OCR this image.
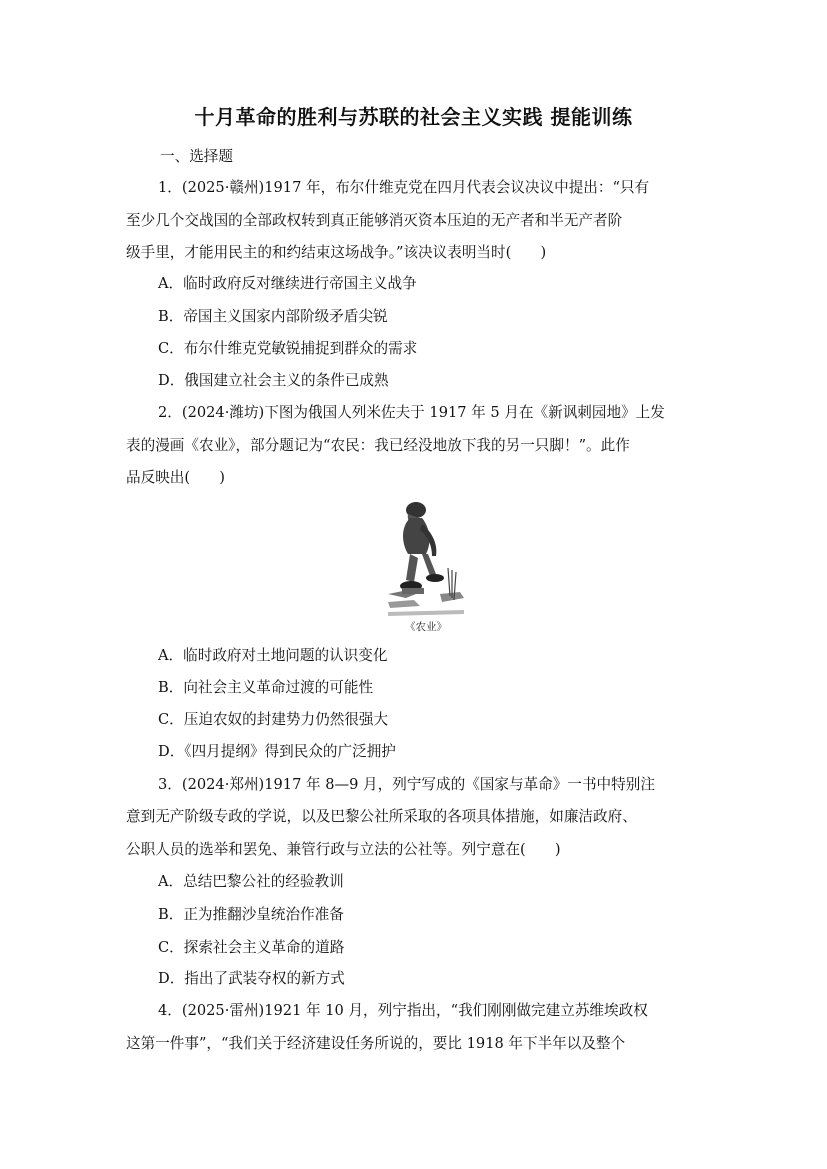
十月革命的胜利与苏联的社会主义实践 提能训练
一、选择题
1．(2025·赣州)1917 年，布尔什维克党在四月代表会议决议中提出：“只有
至少几个交战国的全部政权转到真正能够消灭资本压迫的无产者和半无产者阶
级手里，才能用民主的和约结束这场战争。”该决议表明当时(　　)
A．临时政府反对继续进行帝国主义战争
B．帝国主义国家内部阶级矛盾尖锐
C．布尔什维克党敏锐捕捉到群众的需求
D．俄国建立社会主义的条件已成熟
2．(2024·潍坊)下图为俄国人列米佐夫于 1917 年 5 月在《新讽刺园地》上发
表的漫画《农业》，部分题记为“农民：我已经没地放下我的另一只脚！”。此作
品反映出(　　)
《农业》
A．临时政府对土地问题的认识变化
B．向社会主义革命过渡的可能性
C．压迫农奴的封建势力仍然很强大
D．《四月提纲》得到民众的广泛拥护
3．(2024·郑州)1917 年 8—9 月，列宁写成的《国家与革命》一书中特别注
意到无产阶级专政的学说，以及巴黎公社所采取的各项具体措施，如廉洁政府、
公职人员的选举和罢免、兼管行政与立法的公社等。列宁意在(　　)
A．总结巴黎公社的经验教训
B．正为推翻沙皇统治作准备
C．探索社会主义革命的道路
D．指出了武装夺权的新方式
4．(2025·雷州)1921 年 10 月，列宁指出，“我们刚刚做完建立苏维埃政权
这第一件事”，“我们关于经济建设任务所说的，要比 1918 年下半年以及整个
